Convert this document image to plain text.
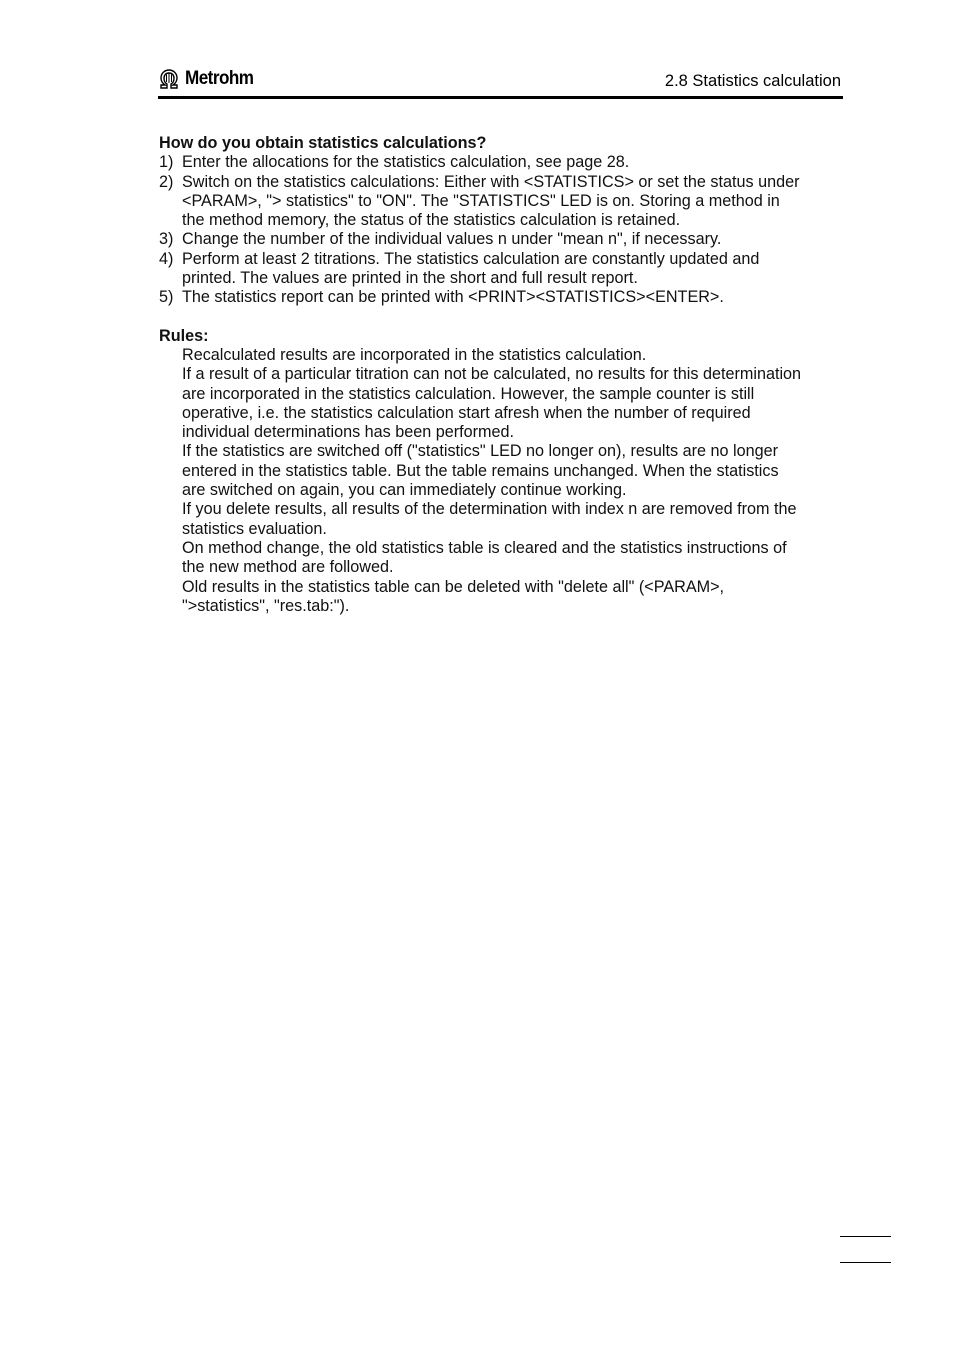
Metrohm	2.8 Statistics calculation
How do you obtain statistics calculations?
1) Enter the allocations for the statistics calculation, see page 28.
2) Switch on the statistics calculations: Either with <STATISTICS> or set the status under
<PARAM>, "> statistics" to "ON". The "STATISTICS" LED is on. Storing a method in
the method memory, the status of the statistics calculation is retained.
3) Change the number of the individual values n under "mean n", if necessary.
4) Perform at least 2 titrations. The statistics calculation are constantly updated and
printed. The values are printed in the short and full result report.
5) The statistics report can be printed with <PRINT><STATISTICS><ENTER>.
Rules:
Recalculated results are incorporated in the statistics calculation.
If a result of a particular titration can not be calculated, no results for this determination
are incorporated in the statistics calculation. However, the sample counter is still
operative, i.e. the statistics calculation start afresh when the number of required
individual determinations has been performed.
If the statistics are switched off ("statistics" LED no longer on), results are no longer
entered in the statistics table. But the table remains unchanged. When the statistics
are switched on again, you can immediately continue working.
If you delete results, all results of the determination with index n are removed from the
statistics evaluation.
On method change, the old statistics table is cleared and the statistics instructions of
the new method are followed.
Old results in the statistics table can be deleted with "delete all" (<PARAM>,
">statistics", "res.tab:").
